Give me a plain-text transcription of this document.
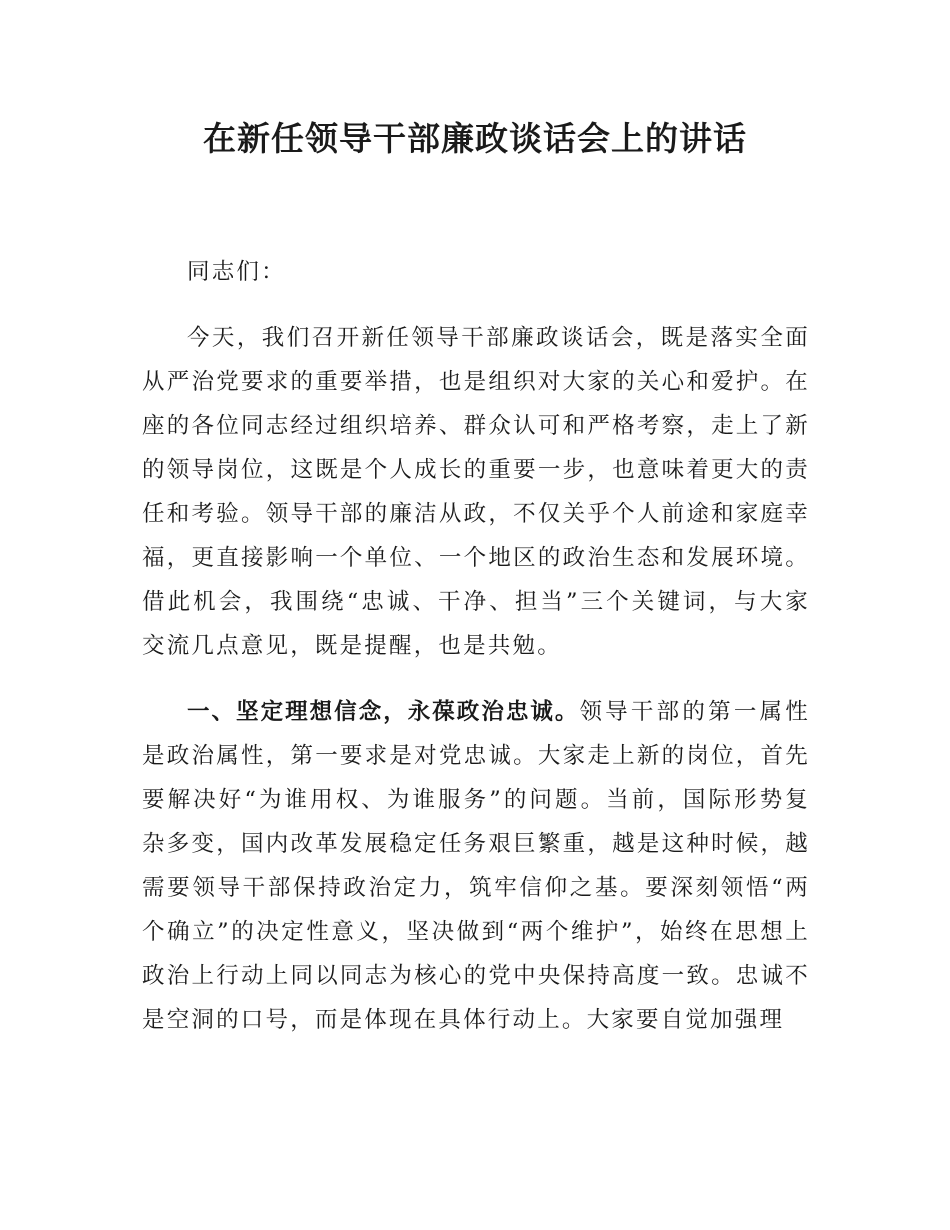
在新任领导干部廉政谈话会上的讲话

同志们：

今天，我们召开新任领导干部廉政谈话会，既是落实全面从严治党要求的重要举措，也是组织对大家的关心和爱护。在座的各位同志经过组织培养、群众认可和严格考察，走上了新的领导岗位，这既是个人成长的重要一步，也意味着更大的责任和考验。领导干部的廉洁从政，不仅关乎个人前途和家庭幸福，更直接影响一个单位、一个地区的政治生态和发展环境。借此机会，我围绕“忠诚、干净、担当”三个关键词，与大家交流几点意见，既是提醒，也是共勉。

一、坚定理想信念，永葆政治忠诚。领导干部的第一属性是政治属性，第一要求是对党忠诚。大家走上新的岗位，首先要解决好“为谁用权、为谁服务”的问题。当前，国际形势复杂多变，国内改革发展稳定任务艰巨繁重，越是这种时候，越需要领导干部保持政治定力，筑牢信仰之基。要深刻领悟“两个确立”的决定性意义，坚决做到“两个维护”，始终在思想上政治上行动上同以同志为核心的党中央保持高度一致。忠诚不是空洞的口号，而是体现在具体行动上。大家要自觉加强理
